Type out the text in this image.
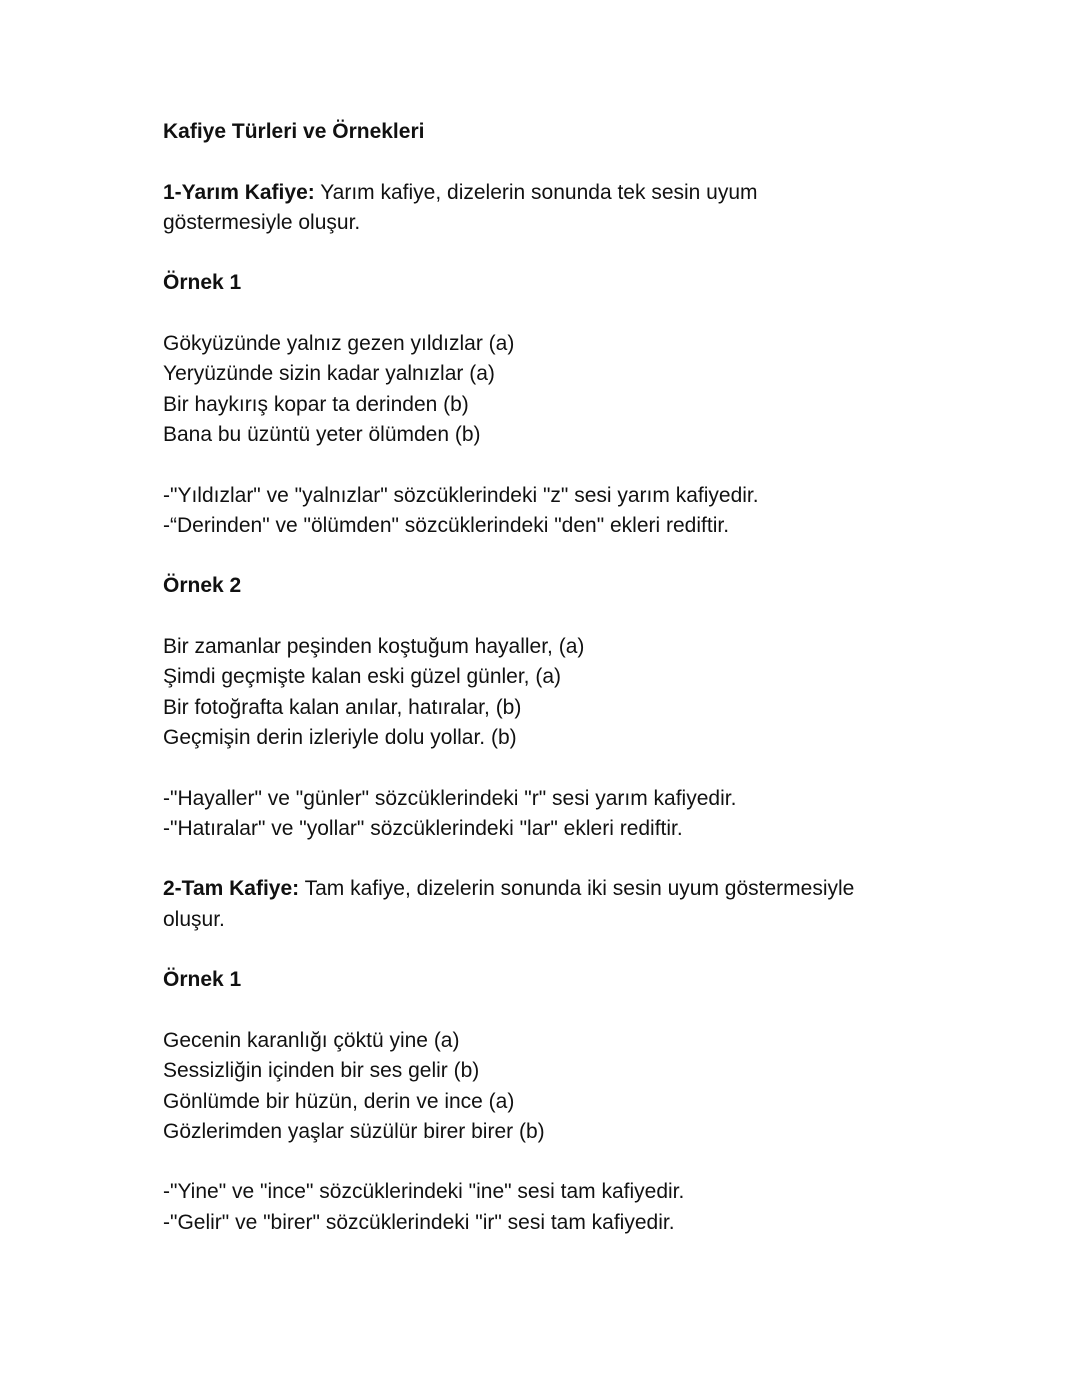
Kafiye Türleri ve Örnekleri
1-Yarım Kafiye: Yarım kafiye, dizelerin sonunda tek sesin uyum
göstermesiyle oluşur.
Örnek 1
Gökyüzünde yalnız gezen yıldızlar (a)
Yeryüzünde sizin kadar yalnızlar (a)
Bir haykırış kopar ta derinden (b)
Bana bu üzüntü yeter ölümden (b)
-"Yıldızlar" ve "yalnızlar" sözcüklerindeki "z" sesi yarım kafiyedir.
-“Derinden" ve "ölümden" sözcüklerindeki "den" ekleri rediftir.
Örnek 2
Bir zamanlar peşinden koştuğum hayaller, (a)
Şimdi geçmişte kalan eski güzel günler, (a)
Bir fotoğrafta kalan anılar, hatıralar, (b)
Geçmişin derin izleriyle dolu yollar. (b)
-"Hayaller" ve "günler" sözcüklerindeki "r" sesi yarım kafiyedir.
-"Hatıralar" ve "yollar" sözcüklerindeki "lar" ekleri rediftir.
2-Tam Kafiye: Tam kafiye, dizelerin sonunda iki sesin uyum göstermesiyle
oluşur.
Örnek 1
Gecenin karanlığı çöktü yine (a)
Sessizliğin içinden bir ses gelir (b)
Gönlümde bir hüzün, derin ve ince (a)
Gözlerimden yaşlar süzülür birer birer (b)
-"Yine" ve "ince" sözcüklerindeki "ine" sesi tam kafiyedir.
-"Gelir" ve "birer" sözcüklerindeki "ir" sesi tam kafiyedir.
